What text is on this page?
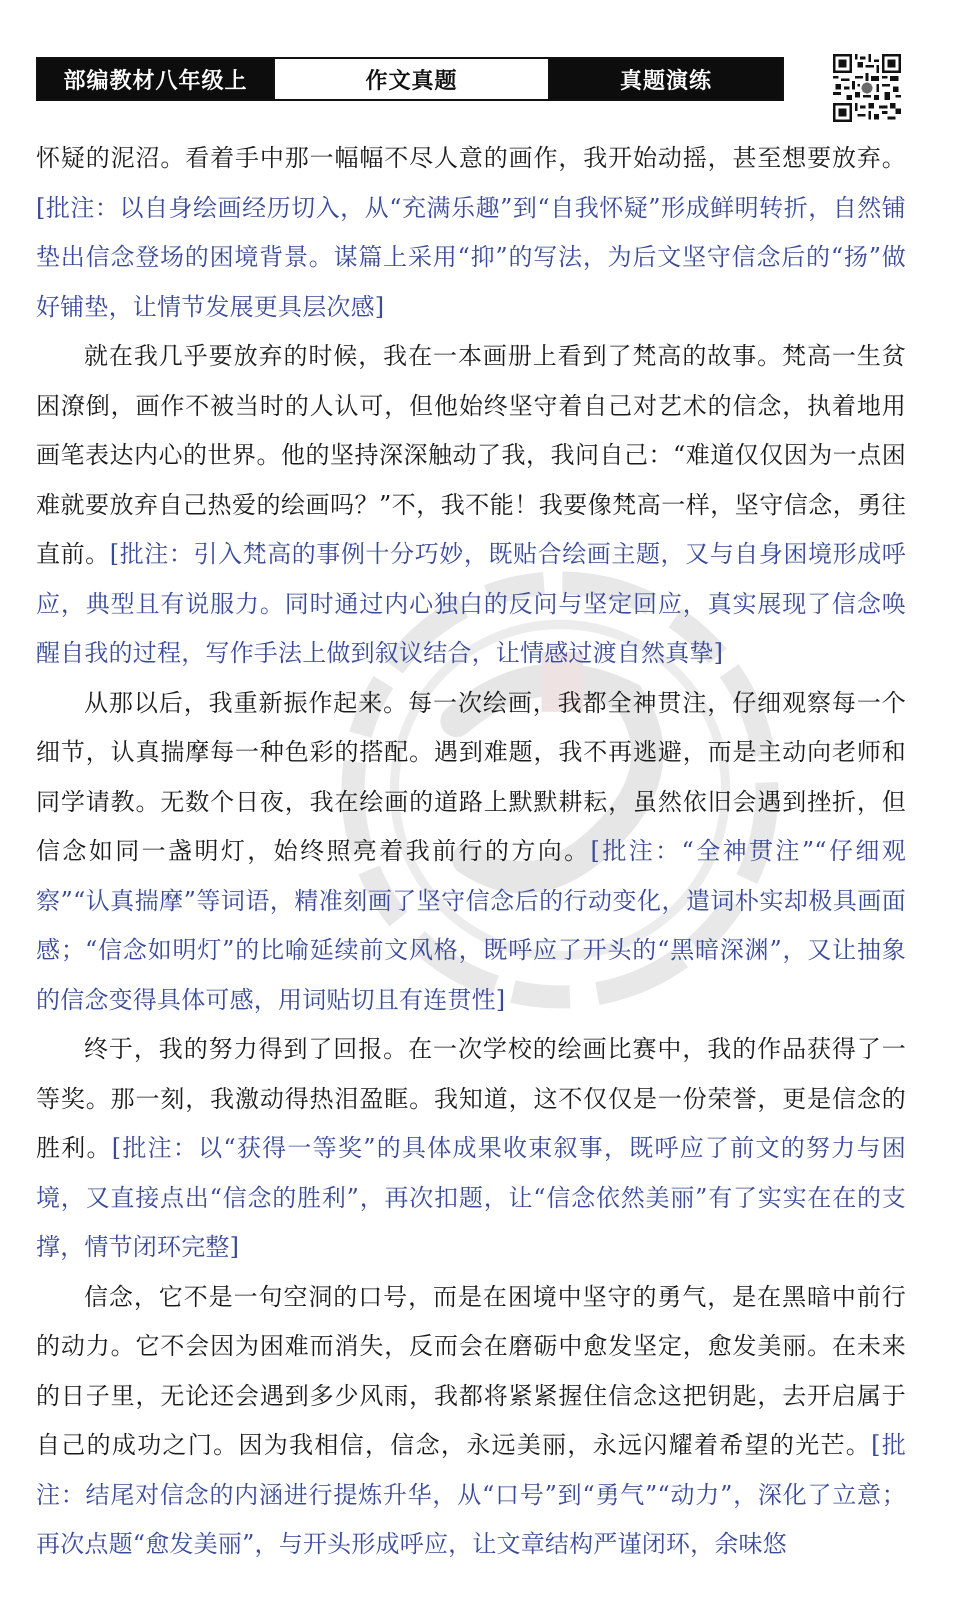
部编教材八年级上	作文真题	真题演练

怀疑的泥沼。看着手中那一幅幅不尽人意的画作，我开始动摇，甚至想要放弃。[批注：以自身绘画经历切入，从“充满乐趣”到“自我怀疑”形成鲜明转折，自然铺垫出信念登场的困境背景。谋篇上采用“抑”的写法，为后文坚守信念后的“扬”做好铺垫，让情节发展更具层次感]

就在我几乎要放弃的时候，我在一本画册上看到了梵高的故事。梵高一生贫困潦倒，画作不被当时的人认可，但他始终坚守着自己对艺术的信念，执着地用画笔表达内心的世界。他的坚持深深触动了我，我问自己：“难道仅仅因为一点困难就要放弃自己热爱的绘画吗？”不，我不能！我要像梵高一样，坚守信念，勇往直前。[批注：引入梵高的事例十分巧妙，既贴合绘画主题，又与自身困境形成呼应，典型且有说服力。同时通过内心独白的反问与坚定回应，真实展现了信念唤醒自我的过程，写作手法上做到叙议结合，让情感过渡自然真挚]

从那以后，我重新振作起来。每一次绘画，我都全神贯注，仔细观察每一个细节，认真揣摩每一种色彩的搭配。遇到难题，我不再逃避，而是主动向老师和同学请教。无数个日夜，我在绘画的道路上默默耕耘，虽然依旧会遇到挫折，但信念如同一盏明灯，始终照亮着我前行的方向。[批注：“全神贯注”“仔细观察”“认真揣摩”等词语，精准刻画了坚守信念后的行动变化，遣词朴实却极具画面感；“信念如明灯”的比喻延续前文风格，既呼应了开头的“黑暗深渊”，又让抽象的信念变得具体可感，用词贴切且有连贯性]

终于，我的努力得到了回报。在一次学校的绘画比赛中，我的作品获得了一等奖。那一刻，我激动得热泪盈眶。我知道，这不仅仅是一份荣誉，更是信念的胜利。[批注：以“获得一等奖”的具体成果收束叙事，既呼应了前文的努力与困境，又直接点出“信念的胜利”，再次扣题，让“信念依然美丽”有了实实在在的支撑，情节闭环完整]

信念，它不是一句空洞的口号，而是在困境中坚守的勇气，是在黑暗中前行的动力。它不会因为困难而消失，反而会在磨砺中愈发坚定，愈发美丽。在未来的日子里，无论还会遇到多少风雨，我都将紧紧握住信念这把钥匙，去开启属于自己的成功之门。因为我相信，信念，永远美丽，永远闪耀着希望的光芒。[批注：结尾对信念的内涵进行提炼升华，从“口号”到“勇气”“动力”，深化了立意；再次点题“愈发美丽”，与开头形成呼应，让文章结构严谨闭环，余味悠
